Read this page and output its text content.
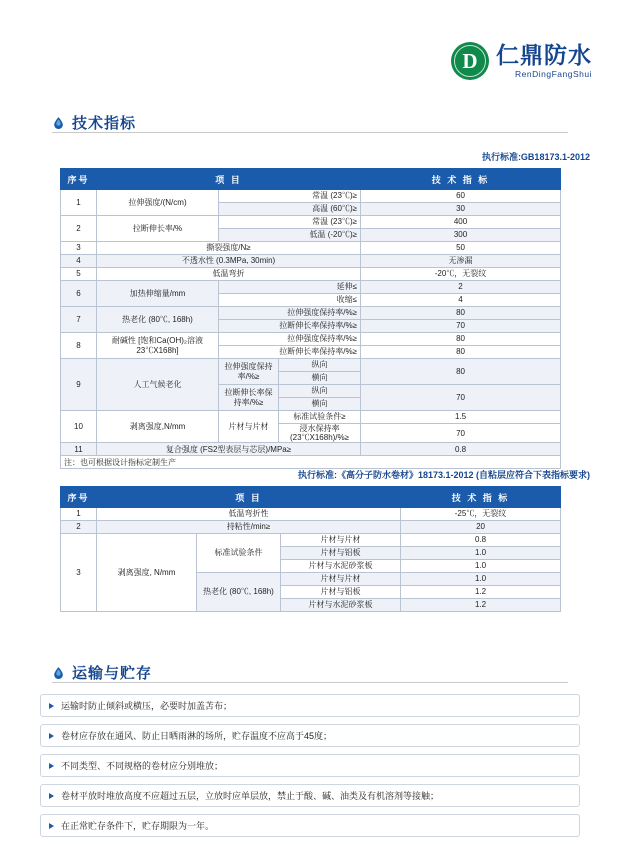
D 仁鼎防水
RenDingFangShui
技术指标
执行标准:GB18173.1-2012
序号	项 目			技 术 指 标
1	拉伸强度/(N/cm)	常温 (23℃)≥		60
		高温 (60℃)≥		30
2	拉断伸长率/%	常温 (23℃)≥		400
		低温 (-20℃)≥		300
3	撕裂强度/N≥			50
4	不透水性 (0.3MPa, 30min)			无渗漏
5	低温弯折			-20℃，无裂纹
6	加热伸缩量/mm	延伸≤		2
		收缩≤		4
7	热老化 (80℃, 168h)	拉伸强度保持率/%≥		80
		拉断伸长率保持率/%≥		70
8	耐碱性 [饱和Ca(OH)₂溶液23℃X168h]	拉伸强度保持率/%≥		80
		拉断伸长率保持率/%≥		80
9	人工气候老化	拉伸强度保持率/%≥	纵向	80
			横向	
		拉断伸长率保持率/%≥	纵向	70
			横向	
10	剥离强度,N/mm	片材与片材	标准试验条件≥	1.5
			浸水保持率(23℃X168h)/%≥	70
11	复合强度 (FS2型表层与芯层)/MPa≥			0.8
注：也可根据设计指标定制生产				
执行标准:《高分子防水卷材》18173.1-2012 (自粘层应符合下表指标要求)
序号	项 目			技 术 指 标
1	低温弯折性			-25℃，无裂纹
2	持粘性/min≥			20
3	剥离强度, N/mm	标准试验条件	片材与片材	0.8
			片材与铝板	1.0
			片材与水泥砂浆板	1.0
		热老化 (80℃, 168h)	片材与片材	1.0
			片材与铝板	1.2
			片材与水泥砂浆板	1.2
运输与贮存
运输时防止倾斜或横压，必要时加盖苫布；
卷材应存放在通风、防止日晒雨淋的场所，贮存温度不应高于45度；
不同类型、不同规格的卷材应分别堆放；
卷材平放时堆放高度不应超过五层，立放时应单层放，禁止于酸、碱、油类及有机溶剂等接触；
在正常贮存条件下，贮存期限为一年。
